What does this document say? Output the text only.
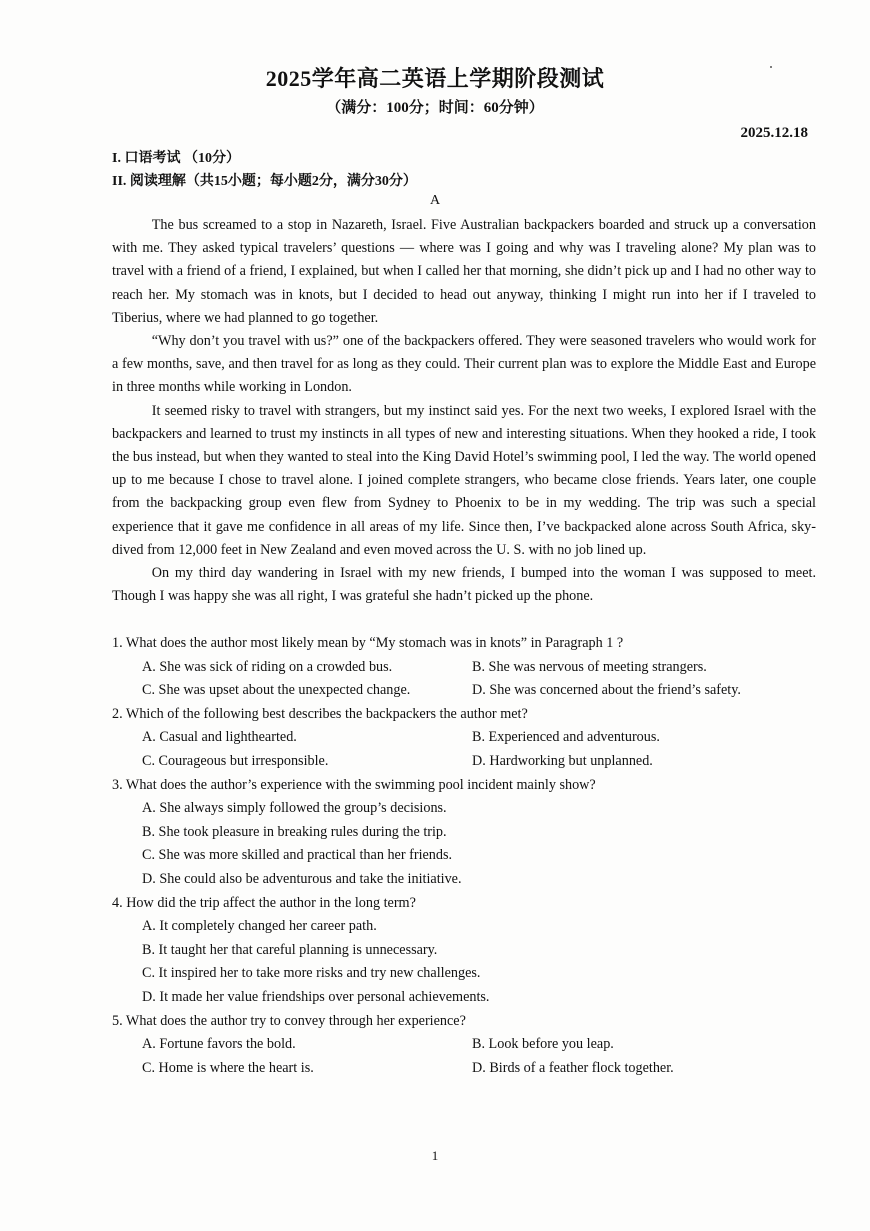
2025学年高二英语上学期阶段测试
（满分：100分；时间：60分钟）
2025.12.18
I. 口语考试 （10分）
II. 阅读理解（共15小题；每小题2分，满分30分）
A

The bus screamed to a stop in Nazareth, Israel. Five Australian backpackers boarded and struck up a conversation with me. They asked typical travelers’ questions — where was I going and why was I traveling alone? My plan was to travel with a friend of a friend, I explained, but when I called her that morning, she didn’t pick up and I had no other way to reach her. My stomach was in knots, but I decided to head out anyway, thinking I might run into her if I traveled to Tiberius, where we had planned to go together.

“Why don’t you travel with us?” one of the backpackers offered. They were seasoned travelers who would work for a few months, save, and then travel for as long as they could. Their current plan was to explore the Middle East and Europe in three months while working in London.

It seemed risky to travel with strangers, but my instinct said yes. For the next two weeks, I explored Israel with the backpackers and learned to trust my instincts in all types of new and interesting situations. When they hooked a ride, I took the bus instead, but when they wanted to steal into the King David Hotel’s swimming pool, I led the way. The world opened up to me because I chose to travel alone. I joined complete strangers, who became close friends. Years later, one couple from the backpacking group even flew from Sydney to Phoenix to be in my wedding. The trip was such a special experience that it gave me confidence in all areas of my life. Since then, I’ve backpacked alone across South Africa, sky-dived from 12,000 feet in New Zealand and even moved across the U. S. with no job lined up.

On my third day wandering in Israel with my new friends, I bumped into the woman I was supposed to meet. Though I was happy she was all right, I was grateful she hadn’t picked up the phone.

1. What does the author most likely mean by “My stomach was in knots” in Paragraph 1 ?

A. She was sick of riding on a crowded bus.	B. She was nervous of meeting strangers.
C. She was upset about the unexpected change.	D. She was concerned about the friend’s safety.

2. Which of the following best describes the backpackers the author met?

A. Casual and lighthearted.	B. Experienced and adventurous.
C. Courageous but irresponsible.	D. Hardworking but unplanned.

3. What does the author’s experience with the swimming pool incident mainly show?

A. She always simply followed the group’s decisions.
B. She took pleasure in breaking rules during the trip.
C. She was more skilled and practical than her friends.
D. She could also be adventurous and take the initiative.

4. How did the trip affect the author in the long term?

A. It completely changed her career path.
B. It taught her that careful planning is unnecessary.
C. It inspired her to take more risks and try new challenges.
D. It made her value friendships over personal achievements.

5. What does the author try to convey through her experience?

A. Fortune favors the bold.	B. Look before you leap.
C. Home is where the heart is.	D. Birds of a feather flock together.
1
